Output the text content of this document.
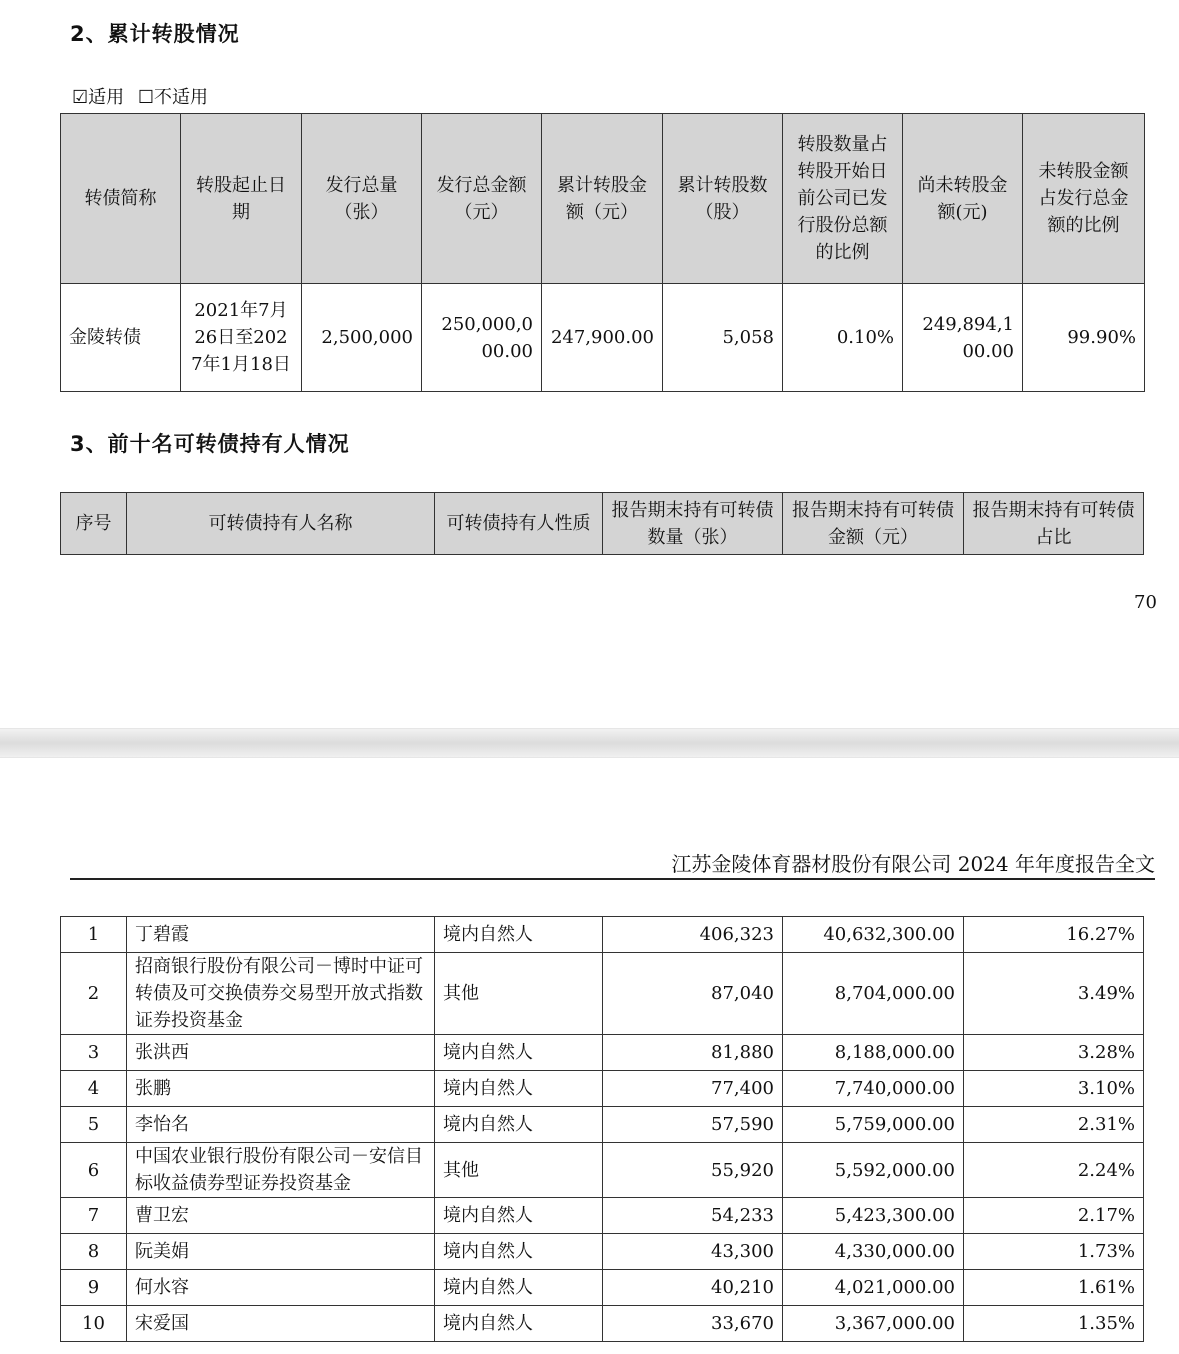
2、累计转股情况
☑适用 ☐不适用
转债简称	转股起止日期	发行总量（张）	发行总金额（元）	累计转股金额（元）	累计转股数（股）	转股数量占转股开始日前公司已发行股份总额的比例	尚未转股金额(元)	未转股金额占发行总金额的比例
金陵转债	2021年7月26日至2027年1月18日	2,500,000	250,000,000.00	247,900.00	5,058	0.10%	249,894,100.00	99.90%
3、前十名可转债持有人情况
序号	可转债持有人名称	可转债持有人性质	报告期末持有可转债数量（张）	报告期末持有可转债金额（元）	报告期末持有可转债占比
70
江苏金陵体育器材股份有限公司 2024 年年度报告全文
1	丁碧霞	境内自然人	406,323	40,632,300.00	16.27%
2	招商银行股份有限公司－博时中证可转债及可交换债券交易型开放式指数证券投资基金	其他	87,040	8,704,000.00	3.49%
3	张洪西	境内自然人	81,880	8,188,000.00	3.28%
4	张鹏	境内自然人	77,400	7,740,000.00	3.10%
5	李怡名	境内自然人	57,590	5,759,000.00	2.31%
6	中国农业银行股份有限公司－安信目标收益债券型证券投资基金	其他	55,920	5,592,000.00	2.24%
7	曹卫宏	境内自然人	54,233	5,423,300.00	2.17%
8	阮美娟	境内自然人	43,300	4,330,000.00	1.73%
9	何水容	境内自然人	40,210	4,021,000.00	1.61%
10	宋爱国	境内自然人	33,670	3,367,000.00	1.35%
